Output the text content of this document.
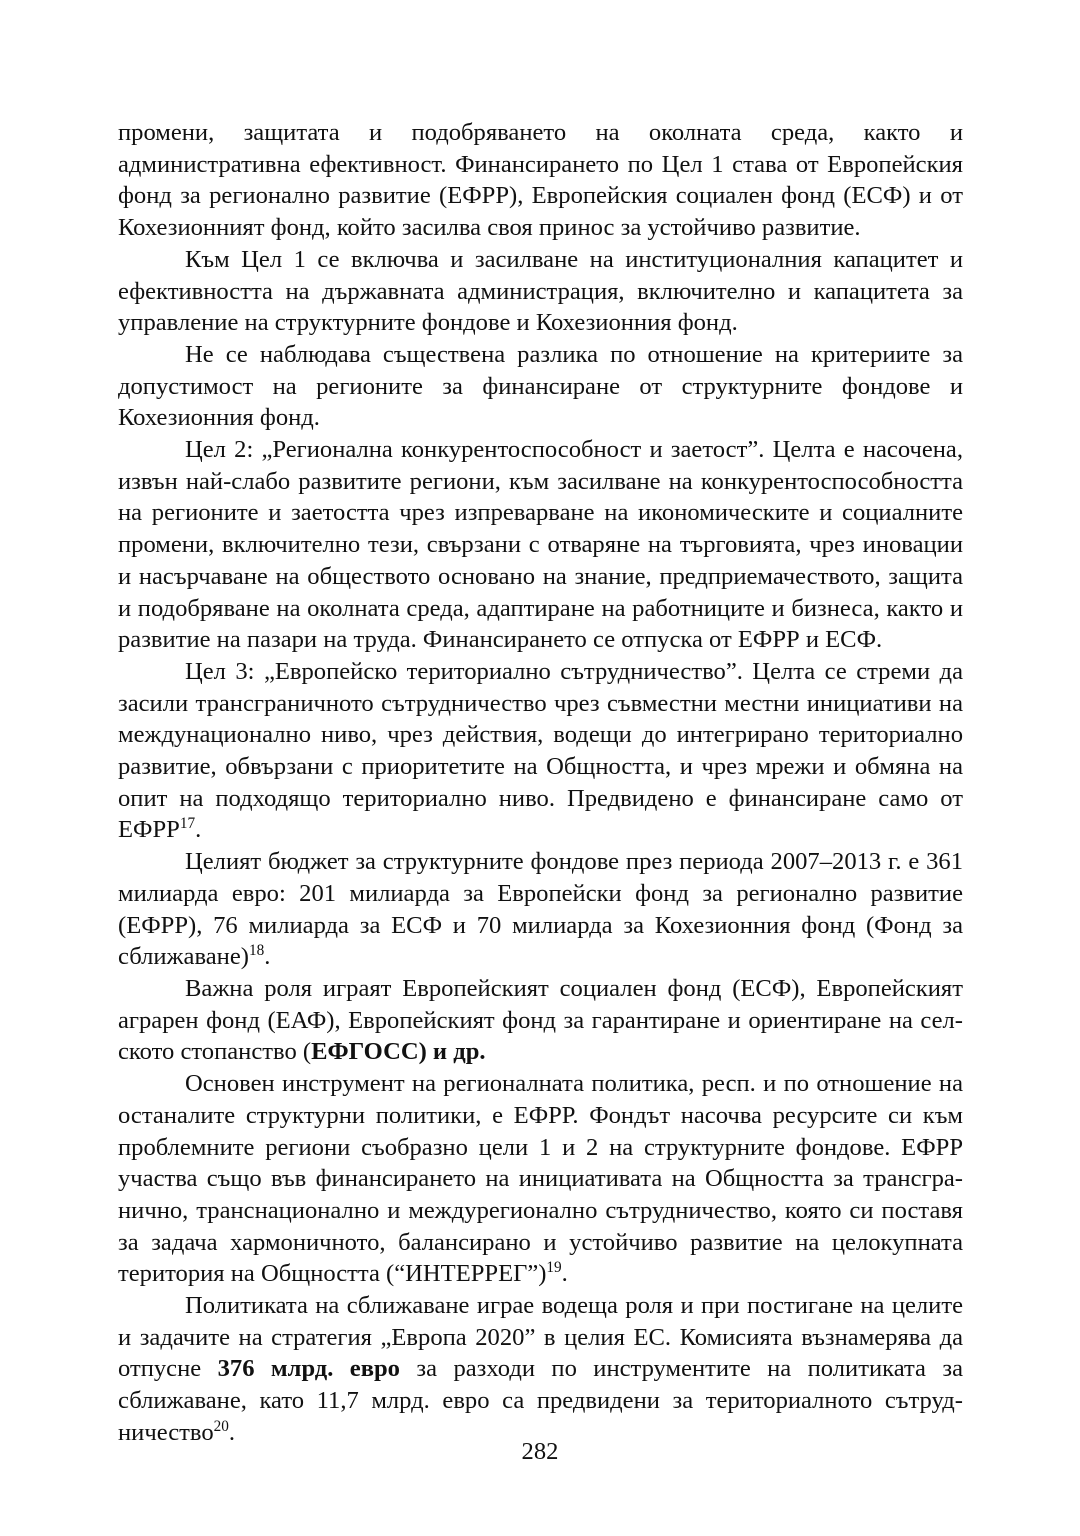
промени, защитата и подобряването на околната среда, както и административна ефективност. Финансирането по Цел 1 става от Европейския фонд за регионално развитие (ЕФРР), Европейския социален фонд (ЕСФ) и от Кохезионният фонд, който засилва своя принос за устойчиво развитие.

Към Цел 1 се включва и засилване на институционалния капацитет и ефективността на държавната администрация, включително и капацитета за управление на структурните фондове и Кохезионния фонд.

Не се наблюдава съществена разлика по отношение на критериите за допустимост на регионите за финансиране от структурните фондове и Кохезионния фонд.

Цел 2: „Регионална конкурентоспособност и заетост”. Целта е насочена, извън най-слабо развитите региони, към засилване на конкурентоспособността на регионите и заетостта чрез изпреварване на икономическите и социалните промени, включително тези, свързани с отваряне на търговията, чрез иновации и насърчаване на обществото основано на знание, предприемачеството, защита и подобряване на околната среда, адаптиране на работниците и бизнеса, както и развитие на пазари на труда. Финансирането се отпуска от ЕФРР и ЕСФ.

Цел 3: „Европейско териториално сътрудничество”. Целта се стреми да засили трансграничното сътрудничество чрез съвместни местни инициативи на междунационално ниво, чрез действия, водещи до интегрирано териториално развитие, обвързани с приоритетите на Общността, и чрез мрежи и обмяна на опит на подходящо териториално ниво. Предвидено е финансиране само от ЕФРР$^{17}$.

Целият бюджет за структурните фондове през периода 2007–2013 г. е 361 милиарда евро: 201 милиарда за Европейски фонд за регионално развитие (ЕФРР), 76 милиарда за ЕСФ и 70 милиарда за Кохезионния фонд (Фонд за сближаване)$^{18}$.

Важна роля играят Европейският социален фонд (ЕСФ), Европейският аграрен фонд (ЕАФ), Европейският фонд за гарантиране и ориентиране на селското стопанство (ЕФГОСС) и др.

Основен инструмент на регионалната политика, респ. и по отношение на останалите структурни политики, е ЕФРР. Фондът насочва ресурсите си към проблемните региони съобразно цели 1 и 2 на структурните фондове. ЕФРР участва също във финансирането на инициативата на Общността за трансгранично, транснационално и междурегионално сътрудничество, която си поставя за задача хармоничното, балансирано и устойчиво развитие на целокупната територия на Общността (“ИНТЕРРЕГ”)$^{19}$.

Политиката на сближаване играе водеща роля и при постигане на целите и задачите на стратегия „Европа 2020” в целия ЕС. Комисията възнамерява да отпусне 376 млрд. евро за разходи по инструментите на политиката за сближаване, като 11,7 млрд. евро са предвидени за териториалното сътрудничество$^{20}$.

282
